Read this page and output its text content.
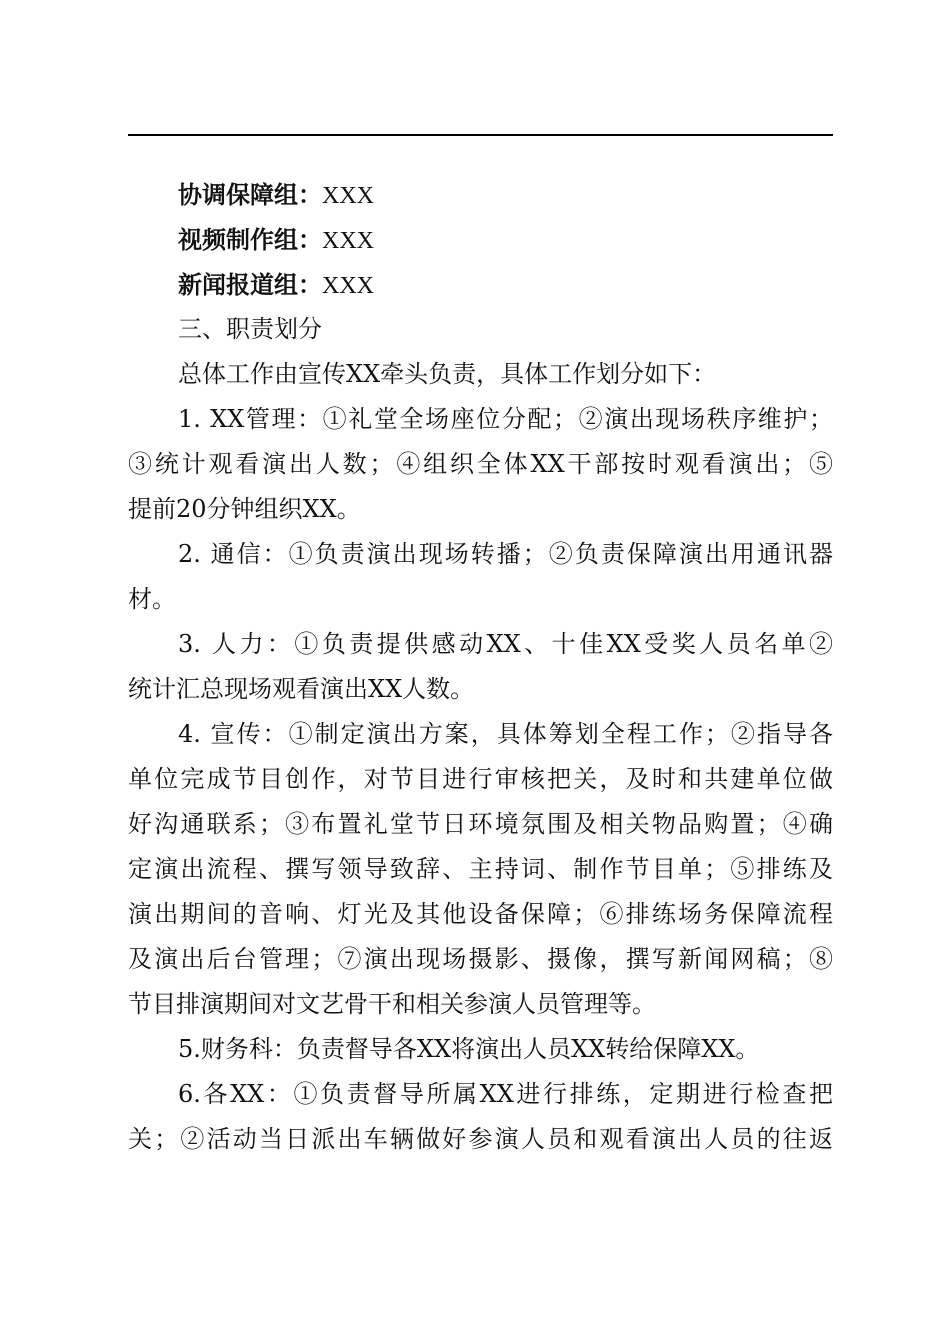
协调保障组：XXX
视频制作组：XXX
新闻报道组：XXX
三、职责划分
总体工作由宣传XX牵头负责，具体工作划分如下：
1. XX管理：①礼堂全场座位分配；②演出现场秩序维护；
③统计观看演出人数；④组织全体XX干部按时观看演出；⑤
提前20分钟组织XX。
2. 通信：①负责演出现场转播；②负责保障演出用通讯器
材。
3. 人力：①负责提供感动XX、十佳XX受奖人员名单②
统计汇总现场观看演出XX人数。
4. 宣传：①制定演出方案，具体筹划全程工作；②指导各
单位完成节目创作，对节目进行审核把关，及时和共建单位做
好沟通联系；③布置礼堂节日环境氛围及相关物品购置；④确
定演出流程、撰写领导致辞、主持词、制作节目单；⑤排练及
演出期间的音响、灯光及其他设备保障；⑥排练场务保障流程
及演出后台管理；⑦演出现场摄影、摄像，撰写新闻网稿；⑧
节目排演期间对文艺骨干和相关参演人员管理等。
5.财务科：负责督导各XX将演出人员XX转给保障XX。
6.各XX：①负责督导所属XX进行排练，定期进行检查把
关；②活动当日派出车辆做好参演人员和观看演出人员的往返
